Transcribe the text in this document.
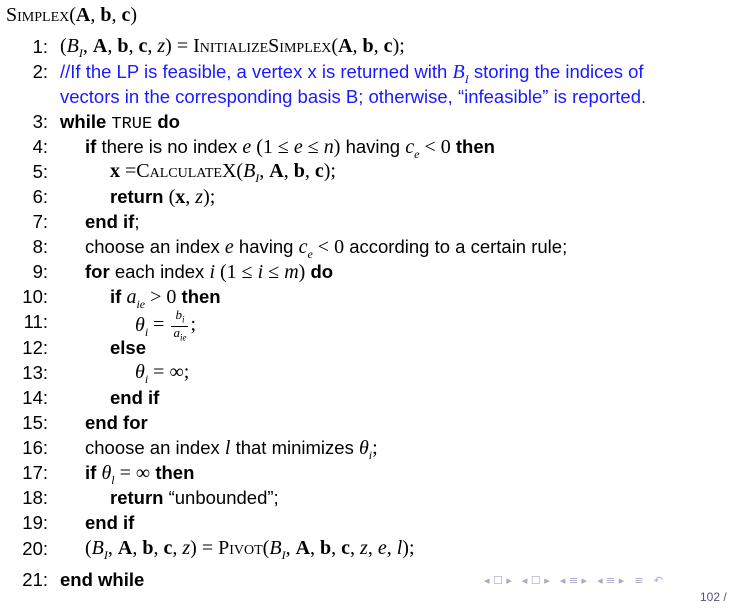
Simplex(A, b, c)
1: ($B_I$, A, b, c, z) = InitializeSimplex(A, b, c);
2: //If the LP is feasible, a vertex x is returned with $B_I$ storing the indices of
vectors in the corresponding basis B; otherwise, “infeasible” is reported.
3: while TRUE do
4: if there is no index e (1 ≤ e ≤ n) having $c_e < 0$ then
5:	$x =CalculateX(B_I$, A, b, c);
6:	return (x, z);
7: end if;
8: choose an index e having $c_e < 0$ according to a certain rule;
9: for each index i (1 ≤ i ≤ m) do
10:	if $a_{ie} > 0$ then
11:	$\theta_i = \frac{b_i}{a_{ie}}$ ;
12:	else
13:	$\theta_i$ = ∞;
14:	end if
15: end for
16: choose an index l that minimizes $\theta_i$;
17: if $\theta_l$ = ∞ then
18:	return “unbounded”;
19: end if
20: ($B_I$, A, b, c, $z) = Pivot(B_I$, A, b, c, z, e, l);
21: end while	◂ ☐ ▸ ◂ ☐ ▸ ◂ ≡ ▸ ◂ ≡ ▸ ≡ ↶
102 /
